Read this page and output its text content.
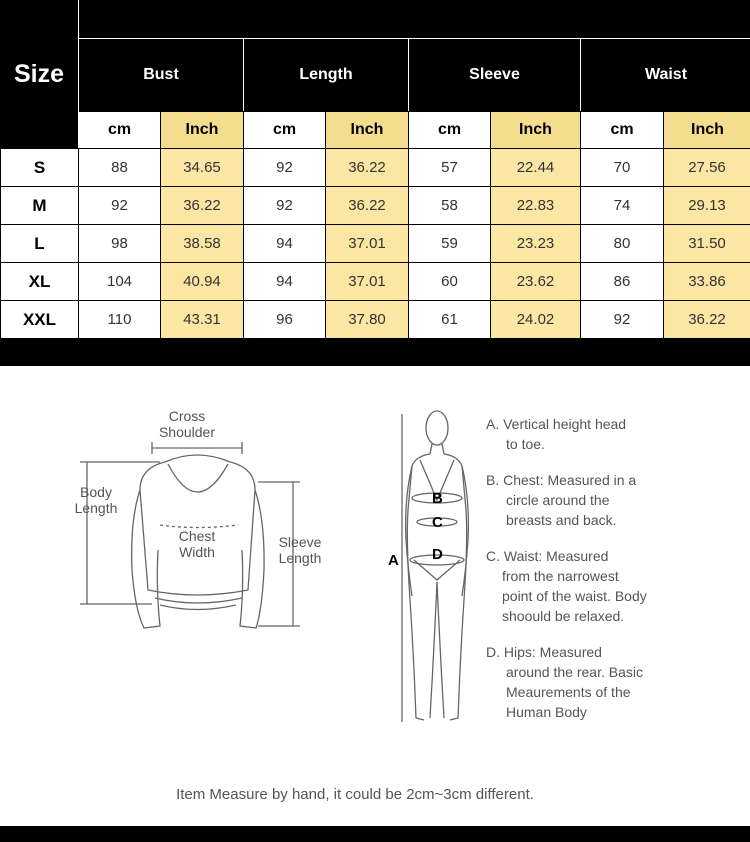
Size	Bust	Length	Sleeve	Waist
cm	Inch	cm	Inch	cm	Inch	cm	Inch
S	88	34.65	92	36.22	57	22.44	70	27.56
M	92	36.22	92	36.22	58	22.83	74	29.13
L	98	38.58	94	37.01	59	23.23	80	31.50
XL	104	40.94	94	37.01	60	23.62	86	33.86
XXL	110	43.31	96	37.80	61	24.02	92	36.22
Cross
Shoulder
Body
Length
Chest
Width
Sleeve
Length	A
B
C
D
A. Vertical height head
to toe.
B. Chest: Measured in a
circle around the breasts and back.
C. Waist: Measured
from the narrowest point of the waist. Body shoould be relaxed.
D. Hips: Measured
around the rear. Basic Meaurements of the Human Body
Item Measure by hand, it could be 2cm~3cm different.
